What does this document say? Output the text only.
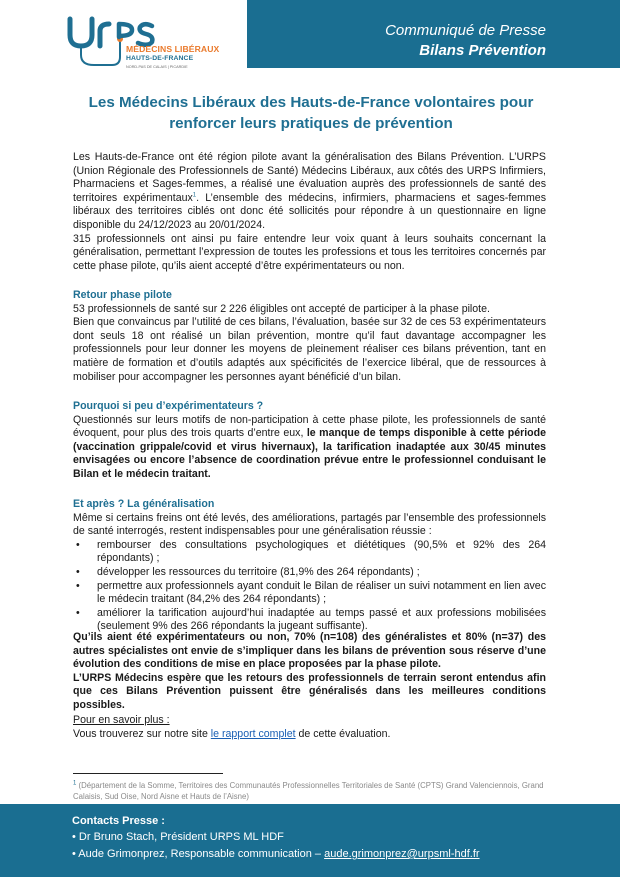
MÉDECINS LIBÉRAUX
HAUTS-DE-FRANCE
NORD-PAS DE CALAIS | PICARDIE
Communiqué de Presse
Bilans Prévention
Les Médecins Libéraux des Hauts-de-France volontaires pour renforcer leurs pratiques de prévention

Les Hauts-de-France ont été région pilote avant la généralisation des Bilans Prévention. L’URPS (Union Régionale des Professionnels de Santé) Médecins Libéraux, aux côtés des URPS Infirmiers, Pharmaciens et Sages-femmes, a réalisé une évaluation auprès des professionnels de santé des territoires expérimentaux$^1$. L’ensemble des médecins, infirmiers, pharmaciens et sages-femmes libéraux des territoires ciblés ont donc été sollicités pour répondre à un questionnaire en ligne disponible du 24/12/2023 au 20/01/2024.

315 professionnels ont ainsi pu faire entendre leur voix quant à leurs souhaits concernant la généralisation, permettant l’expression de toutes les professions et tous les territoires concernés par cette phase pilote, qu’ils aient accepté d’être expérimentateurs ou non.

Retour phase pilote

53 professionnels de santé sur 2 226 éligibles ont accepté de participer à la phase pilote.

Bien que convaincus par l’utilité de ces bilans, l’évaluation, basée sur 32 de ces 53 expérimentateurs dont seuls 18 ont réalisé un bilan prévention, montre qu’il faut davantage accompagner les professionnels pour leur donner les moyens de pleinement réaliser ces bilans prévention, tant en matière de formation et d’outils adaptés aux spécificités de l’exercice libéral, que de ressources à mobiliser pour accompagner les personnes ayant bénéficié d’un bilan.

Pourquoi si peu d’expérimentateurs ?

Questionnés sur leurs motifs de non-participation à cette phase pilote, les professionnels de santé évoquent, pour plus des trois quarts d’entre eux, le manque de temps disponible à cette période (vaccination grippale/covid et virus hivernaux), la tarification inadaptée aux 30/45 minutes envisagées ou encore l’absence de coordination prévue entre le professionnel conduisant le Bilan et le médecin traitant.

Et après ? La généralisation

Même si certains freins ont été levés, des améliorations, partagés par l’ensemble des professionnels de santé interrogés, restent indispensables pour une généralisation réussie :

• rembourser des consultations psychologiques et diététiques (90,5% et 92% des 264 répondants) ;
• développer les ressources du territoire (81,9% des 264 répondants) ;
• permettre aux professionnels ayant conduit le Bilan de réaliser un suivi notamment en lien avec le médecin traitant (84,2% des 264 répondants) ;
• améliorer la tarification aujourd’hui inadaptée au temps passé et aux professions mobilisées (seulement 9% des 266 répondants la jugeant suffisante).

Qu’ils aient été expérimentateurs ou non, 70% (n=108) des généralistes et 80% (n=37) des autres spécialistes ont envie de s’impliquer dans les bilans de prévention sous réserve d’une évolution des conditions de mise en place proposées par la phase pilote.

L’URPS Médecins espère que les retours des professionnels de terrain seront entendus afin que ces Bilans Prévention puissent être généralisés dans les meilleures conditions possibles.

Pour en savoir plus :

Vous trouverez sur notre site le rapport complet de cette évaluation.

$^1$ (Département de la Somme, Territoires des Communautés Professionnelles Territoriales de Santé (CPTS) Grand Valenciennois, Grand Calaisis, Sud Oise, Nord Aisne et Hauts de l’Aisne)
Contacts Presse :
• Dr Bruno Stach, Président URPS ML HDF
• Aude Grimonprez, Responsable communication – aude.grimonprez@urpsml-hdf.fr
